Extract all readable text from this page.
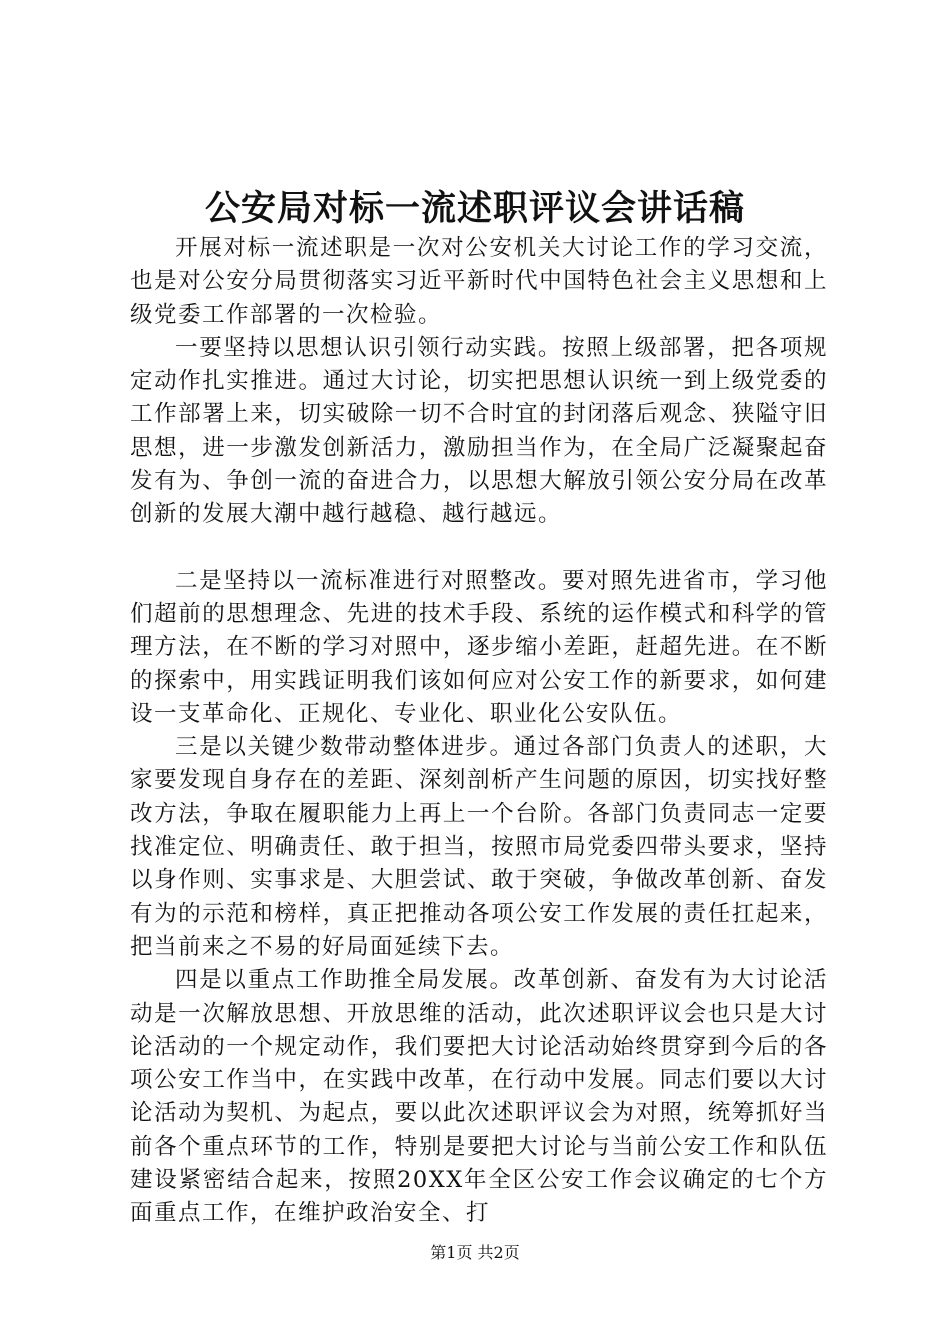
公安局对标一流述职评议会讲话稿

开展对标一流述职是一次对公安机关大讨论工作的学习交流，也是对公安分局贯彻落实习近平新时代中国特色社会主义思想和上级党委工作部署的一次检验。

一要坚持以思想认识引领行动实践。按照上级部署，把各项规定动作扎实推进。通过大讨论，切实把思想认识统一到上级党委的工作部署上来，切实破除一切不合时宜的封闭落后观念、狭隘守旧思想，进一步激发创新活力，激励担当作为，在全局广泛凝聚起奋发有为、争创一流的奋进合力，以思想大解放引领公安分局在改革创新的发展大潮中越行越稳、越行越远。

二是坚持以一流标准进行对照整改。要对照先进省市，学习他们超前的思想理念、先进的技术手段、系统的运作模式和科学的管理方法，在不断的学习对照中，逐步缩小差距，赶超先进。在不断的探索中，用实践证明我们该如何应对公安工作的新要求，如何建设一支革命化、正规化、专业化、职业化公安队伍。

三是以关键少数带动整体进步。通过各部门负责人的述职，大家要发现自身存在的差距、深刻剖析产生问题的原因，切实找好整改方法，争取在履职能力上再上一个台阶。各部门负责同志一定要找准定位、明确责任、敢于担当，按照市局党委四带头要求，坚持以身作则、实事求是、大胆尝试、敢于突破，争做改革创新、奋发有为的示范和榜样，真正把推动各项公安工作发展的责任扛起来，把当前来之不易的好局面延续下去。

四是以重点工作助推全局发展。改革创新、奋发有为大讨论活动是一次解放思想、开放思维的活动，此次述职评议会也只是大讨论活动的一个规定动作，我们要把大讨论活动始终贯穿到今后的各项公安工作当中，在实践中改革，在行动中发展。同志们要以大讨论活动为契机、为起点，要以此次述职评议会为对照，统筹抓好当前各个重点环节的工作，特别是要把大讨论与当前公安工作和队伍建设紧密结合起来，按照20XX年全区公安工作会议确定的七个方面重点工作，在维护政治安全、打

第1页 共2页
